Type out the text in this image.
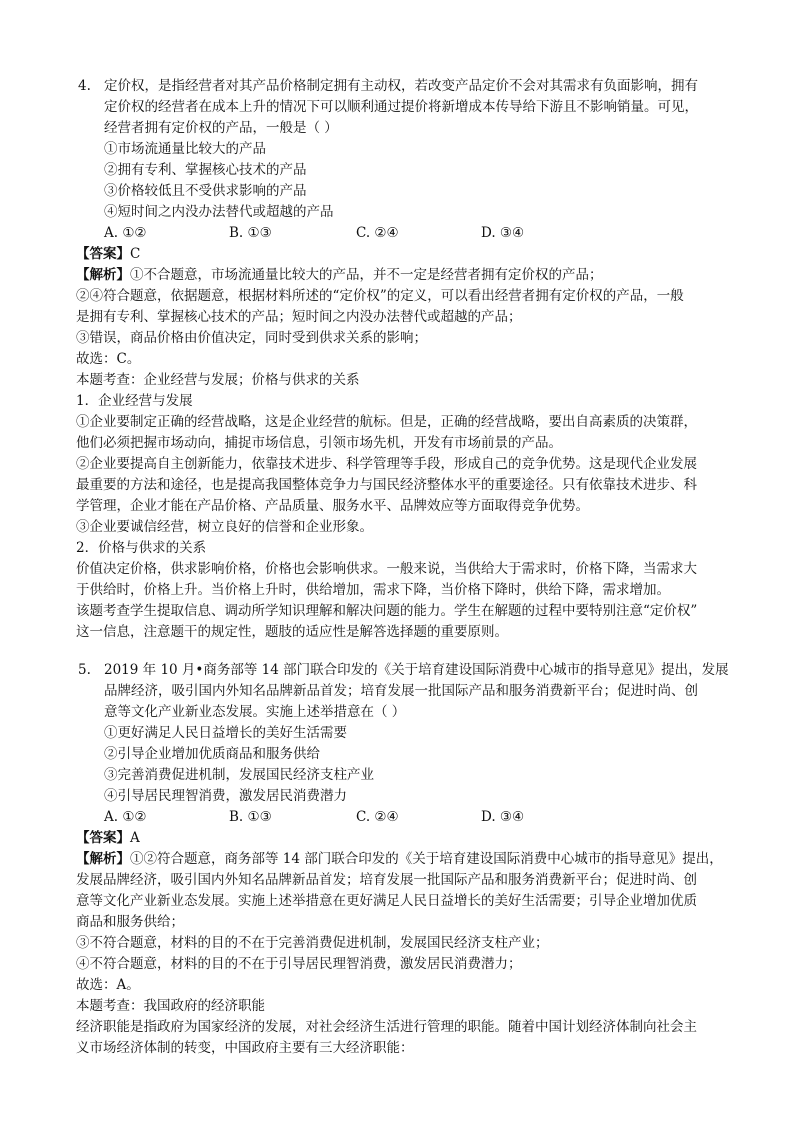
4. 定价权，是指经营者对其产品价格制定拥有主动权，若改变产品定价不会对其需求有负面影响，拥有
定价权的经营者在成本上升的情况下可以顺利通过提价将新增成本传导给下游且不影响销量。可见，
经营者拥有定价权的产品，一般是（ ）
①市场流通量比较大的产品
②拥有专利、掌握核心技术的产品
③价格较低且不受供求影响的产品
④短时间之内没办法替代或超越的产品
A. ①②	B. ①③	C. ②④	D. ③④
【答案】C
【解析】①不合题意，市场流通量比较大的产品，并不一定是经营者拥有定价权的产品；
②④符合题意，依据题意，根据材料所述的“定价权”的定义，可以看出经营者拥有定价权的产品，一般
是拥有专利、掌握核心技术的产品；短时间之内没办法替代或超越的产品；
③错误，商品价格由价值决定，同时受到供求关系的影响；
故选：C。
本题考查：企业经营与发展；价格与供求的关系
1．企业经营与发展
①企业要制定正确的经营战略，这是企业经营的航标。但是，正确的经营战略，要出自高素质的决策群，
他们必须把握市场动向，捕捉市场信息，引领市场先机，开发有市场前景的产品。
②企业要提高自主创新能力，依靠技术进步、科学管理等手段，形成自己的竞争优势。这是现代企业发展
最重要的方法和途径，也是提高我国整体竞争力与国民经济整体水平的重要途径。只有依靠技术进步、科
学管理，企业才能在产品价格、产品质量、服务水平、品牌效应等方面取得竞争优势。
③企业要诚信经营，树立良好的信誉和企业形象。
2．价格与供求的关系
价值决定价格，供求影响价格，价格也会影响供求。一般来说，当供给大于需求时，价格下降，当需求大
于供给时，价格上升。当价格上升时，供给增加，需求下降，当价格下降时，供给下降，需求增加。
该题考查学生提取信息、调动所学知识理解和解决问题的能力。学生在解题的过程中要特别注意“定价权”
这一信息，注意题干的规定性，题肢的适应性是解答选择题的重要原则。
5. 2019 年 10 月•商务部等 14 部门联合印发的《关于培育建设国际消费中心城市的指导意见》提出，发展
品牌经济，吸引国内外知名品牌新品首发；培育发展一批国际产品和服务消费新平台；促进时尚、创
意等文化产业新业态发展。实施上述举措意在（ ）
①更好满足人民日益增长的美好生活需要
②引导企业增加优质商品和服务供给
③完善消费促进机制，发展国民经济支柱产业
④引导居民理智消费，激发居民消费潜力
A. ①②	B. ①③	C. ②④	D. ③④
【答案】A
【解析】①②符合题意，商务部等 14 部门联合印发的《关于培育建设国际消费中心城市的指导意见》提出，
发展品牌经济，吸引国内外知名品牌新品首发；培育发展一批国际产品和服务消费新平台；促进时尚、创
意等文化产业新业态发展。实施上述举措意在更好满足人民日益增长的美好生活需要；引导企业增加优质
商品和服务供给；
③不符合题意，材料的目的不在于完善消费促进机制，发展国民经济支柱产业；
④不符合题意，材料的目的不在于引导居民理智消费，激发居民消费潜力；
故选：A。
本题考查：我国政府的经济职能
经济职能是指政府为国家经济的发展，对社会经济生活进行管理的职能。随着中国计划经济体制向社会主
义市场经济体制的转变，中国政府主要有三大经济职能：
